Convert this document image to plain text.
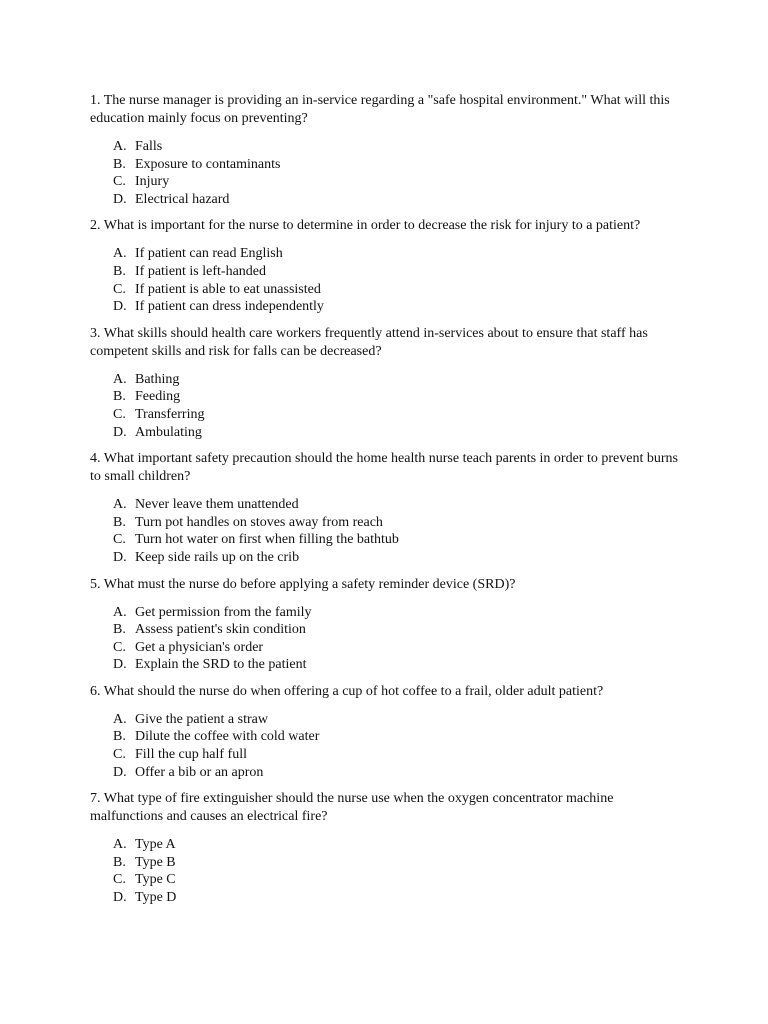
1. The nurse manager is providing an in-service regarding a "safe hospital environment." What will this education mainly focus on preventing?
A. Falls
B. Exposure to contaminants
C. Injury
D. Electrical hazard
2. What is important for the nurse to determine in order to decrease the risk for injury to a patient?
A. If patient can read English
B. If patient is left-handed
C. If patient is able to eat unassisted
D. If patient can dress independently
3. What skills should health care workers frequently attend in-services about to ensure that staff has competent skills and risk for falls can be decreased?
A. Bathing
B. Feeding
C. Transferring
D. Ambulating
4. What important safety precaution should the home health nurse teach parents in order to prevent burns to small children?
A. Never leave them unattended
B. Turn pot handles on stoves away from reach
C. Turn hot water on first when filling the bathtub
D. Keep side rails up on the crib
5. What must the nurse do before applying a safety reminder device (SRD)?
A. Get permission from the family
B. Assess patient's skin condition
C. Get a physician's order
D. Explain the SRD to the patient
6. What should the nurse do when offering a cup of hot coffee to a frail, older adult patient?
A. Give the patient a straw
B. Dilute the coffee with cold water
C. Fill the cup half full
D. Offer a bib or an apron
7. What type of fire extinguisher should the nurse use when the oxygen concentrator machine malfunctions and causes an electrical fire?
A. Type A
B. Type B
C. Type C
D. Type D
